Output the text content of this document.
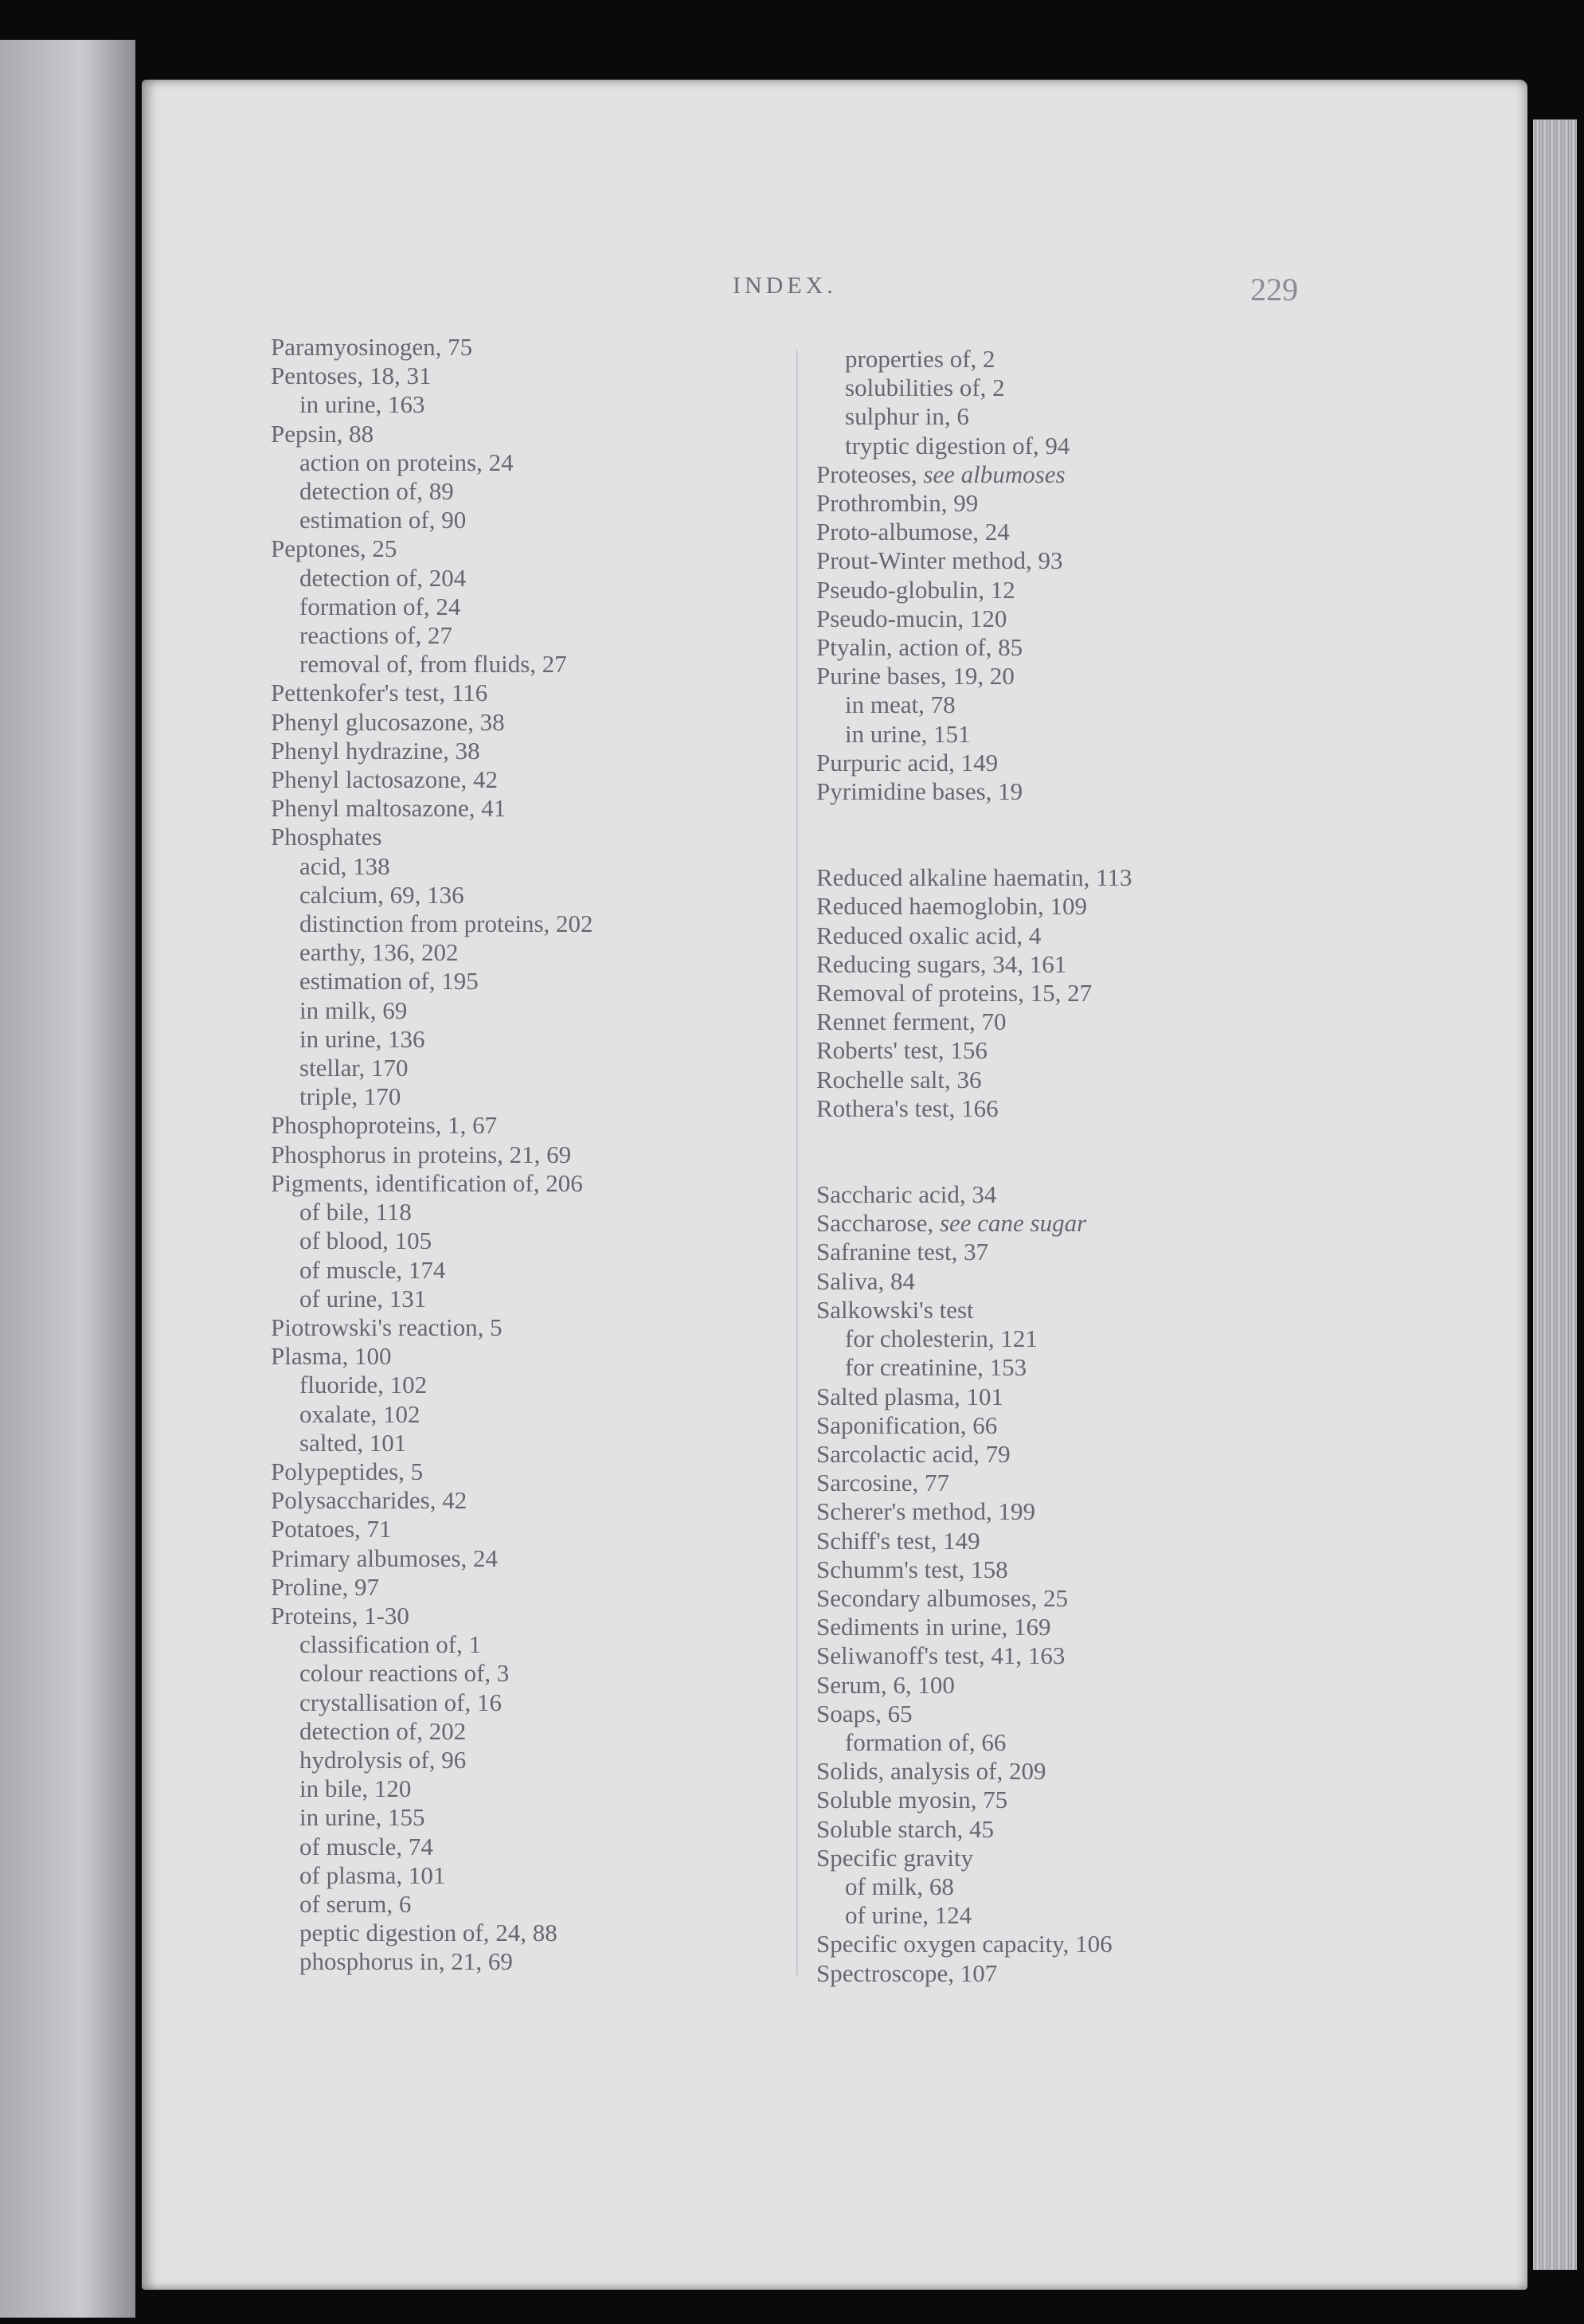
INDEX.	229
Paramyosinogen, 75
Pentoses, 18, 31
in urine, 163
Pepsin, 88
action on proteins, 24
detection of, 89
estimation of, 90
Peptones, 25
detection of, 204
formation of, 24
reactions of, 27
removal of, from fluids, 27
Pettenkofer's test, 116
Phenyl glucosazone, 38
Phenyl hydrazine, 38
Phenyl lactosazone, 42
Phenyl maltosazone, 41
Phosphates
acid, 138
calcium, 69, 136
distinction from proteins, 202
earthy, 136, 202
estimation of, 195
in milk, 69
in urine, 136
stellar, 170
triple, 170
Phosphoproteins, 1, 67
Phosphorus in proteins, 21, 69
Pigments, identification of, 206
of bile, 118
of blood, 105
of muscle, 174
of urine, 131
Piotrowski's reaction, 5
Plasma, 100
fluoride, 102
oxalate, 102
salted, 101
Polypeptides, 5
Polysaccharides, 42
Potatoes, 71
Primary albumoses, 24
Proline, 97
Proteins, 1-30
classification of, 1
colour reactions of, 3
crystallisation of, 16
detection of, 202
hydrolysis of, 96
in bile, 120
in urine, 155
of muscle, 74
of plasma, 101
of serum, 6
peptic digestion of, 24, 88
phosphorus in, 21, 69
properties of, 2
solubilities of, 2
sulphur in, 6
tryptic digestion of, 94
Proteoses, see albumoses
Prothrombin, 99
Proto-albumose, 24
Prout-Winter method, 93
Pseudo-globulin, 12
Pseudo-mucin, 120
Ptyalin, action of, 85
Purine bases, 19, 20
in meat, 78
in urine, 151
Purpuric acid, 149
Pyrimidine bases, 19
Reduced alkaline haematin, 113
Reduced haemoglobin, 109
Reduced oxalic acid, 4
Reducing sugars, 34, 161
Removal of proteins, 15, 27
Rennet ferment, 70
Roberts' test, 156
Rochelle salt, 36
Rothera's test, 166
Saccharic acid, 34
Saccharose, see cane sugar
Safranine test, 37
Saliva, 84
Salkowski's test
for cholesterin, 121
for creatinine, 153
Salted plasma, 101
Saponification, 66
Sarcolactic acid, 79
Sarcosine, 77
Scherer's method, 199
Schiff's test, 149
Schumm's test, 158
Secondary albumoses, 25
Sediments in urine, 169
Seliwanoff's test, 41, 163
Serum, 6, 100
Soaps, 65
formation of, 66
Solids, analysis of, 209
Soluble myosin, 75
Soluble starch, 45
Specific gravity
of milk, 68
of urine, 124
Specific oxygen capacity, 106
Spectroscope, 107
